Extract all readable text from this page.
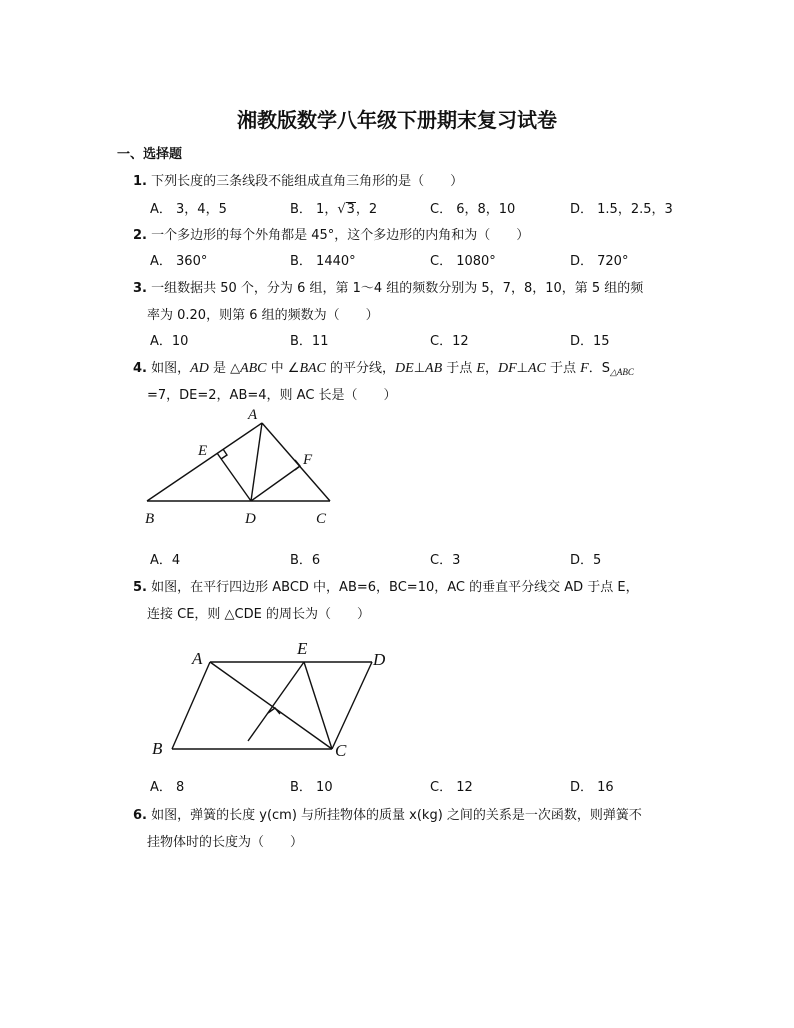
湘教版数学八年级下册期末复习试卷
一、选择题
1. 下列长度的三条线段不能组成直角三角形的是（　　）
A． 3，4，5	B． 1，√3，2	C． 6，8，10	D． 1.5，2.5，3
2. 一个多边形的每个外角都是 45°，这个多边形的内角和为（　　）
A． 360°	B． 1440°	C． 1080°	D． 720°
3. 一组数据共 50 个，分为 6 组，第 1～4 组的频数分别为 5，7，8，10，第 5 组的频
率为 0.20，则第 6 组的频数为（　　）
A．10	B．11	C．12	D．15
4. 如图，AD 是 △ABC 中 ∠BAC 的平分线，DE⊥AB 于点 E，DF⊥AC 于点 F．$S_{\triangle ABC}$
=7，DE=2，AB=4，则 AC 长是（　　）
A
B	C
D
E
F
A．4	B．6	C．3	D．5
5. 如图，在平行四边形 ABCD 中，AB=6，BC=10，AC 的垂直平分线交 AD 于点 E，
连接 CE，则 △CDE 的周长为（　　）
A
B	C
D
E
A． 8	B． 10	C． 12	D． 16
6. 如图，弹簧的长度 y(cm) 与所挂物体的质量 x(kg) 之间的关系是一次函数，则弹簧不
挂物体时的长度为（　　）
